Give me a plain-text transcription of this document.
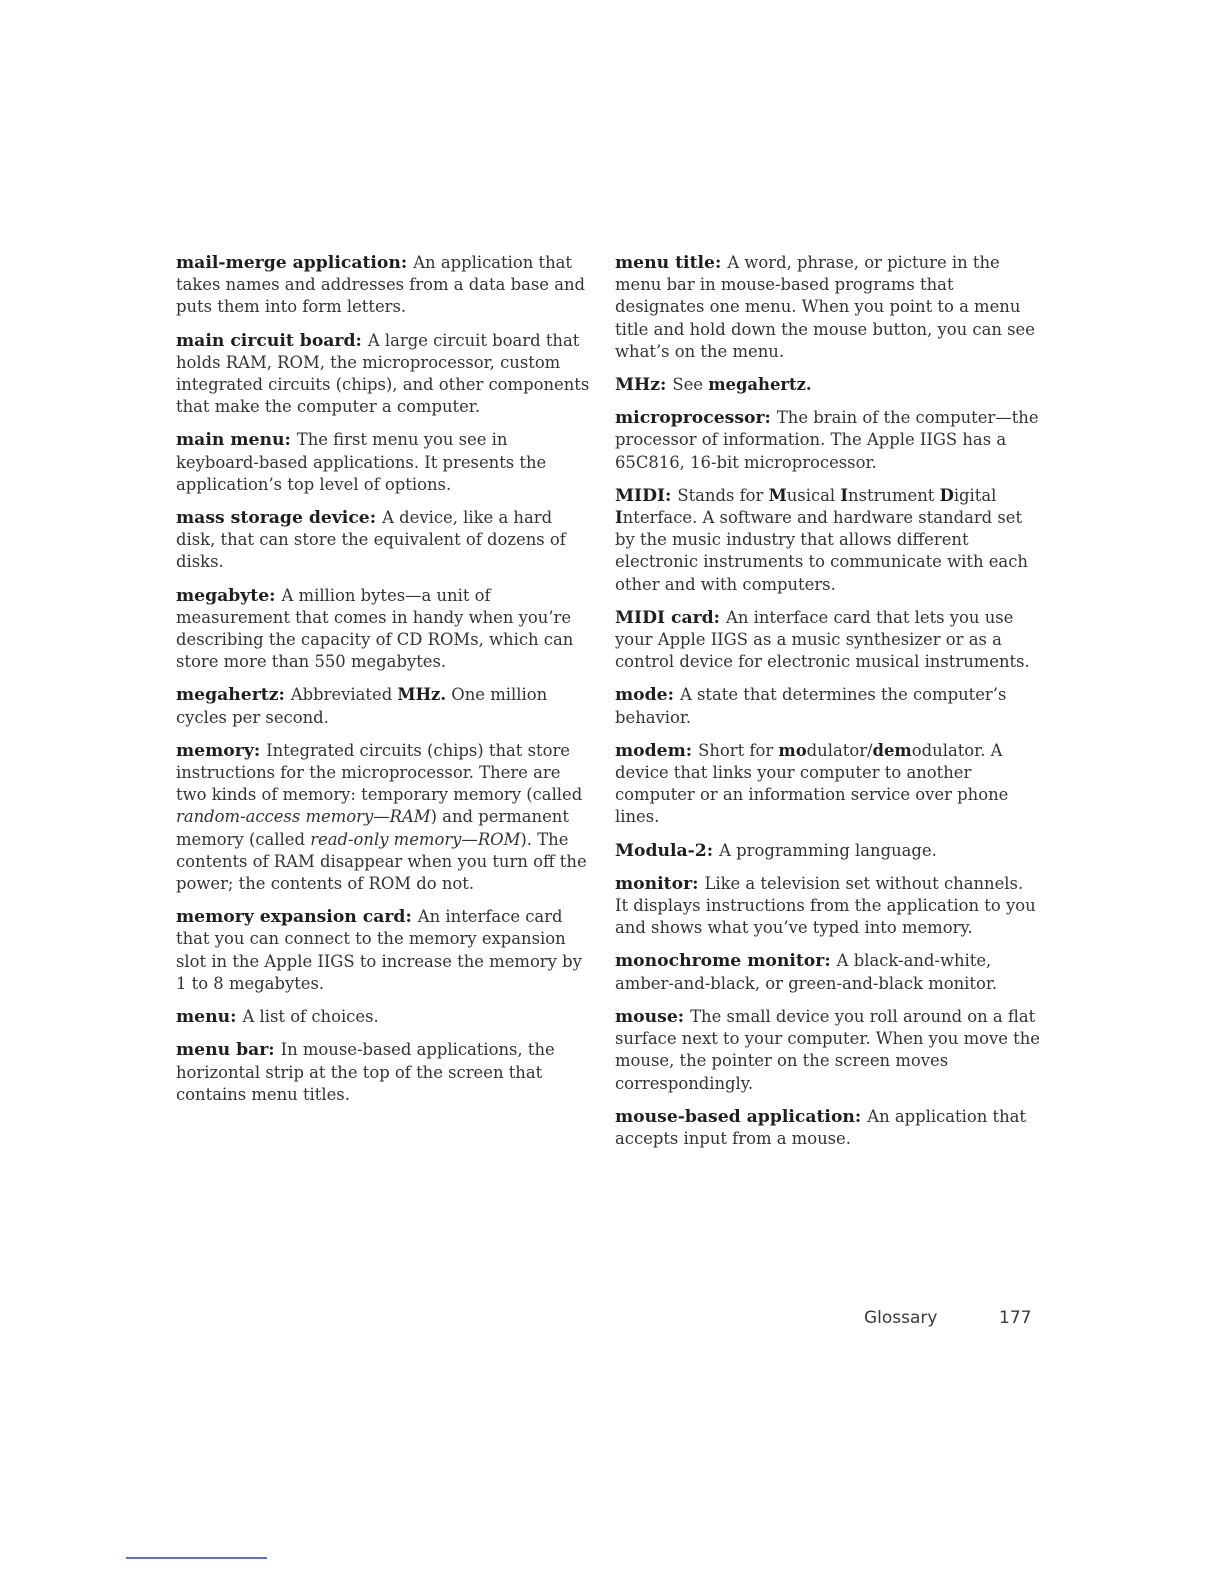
mail-merge application: An application that takes names and addresses from a data base and puts them into form letters.

main circuit board: A large circuit board that holds RAM, ROM, the microprocessor, custom integrated circuits (chips), and other components that make the computer a computer.

main menu: The first menu you see in keyboard-based applications. It presents the application’s top level of options.

mass storage device: A device, like a hard disk, that can store the equivalent of dozens of disks.

megabyte: A million bytes—a unit of measurement that comes in handy when you’re describing the capacity of CD ROMs, which can store more than 550 megabytes.

megahertz: Abbreviated MHz. One million cycles per second.

memory: Integrated circuits (chips) that store instructions for the microprocessor. There are two kinds of memory: temporary memory (called random-access memory—RAM) and permanent memory (called read-only memory—ROM). The contents of RAM disappear when you turn off the power; the contents of ROM do not.

memory expansion card: An interface card that you can connect to the memory expansion slot in the Apple IIGS to increase the memory by 1 to 8 megabytes.

menu: A list of choices.

menu bar: In mouse-based applications, the horizontal strip at the top of the screen that contains menu titles.

menu title: A word, phrase, or picture in the menu bar in mouse-based programs that designates one menu. When you point to a menu title and hold down the mouse button, you can see what’s on the menu.

MHz: See megahertz.

microprocessor: The brain of the computer—the processor of information. The Apple IIGS has a 65C816, 16-bit microprocessor.

MIDI: Stands for Musical Instrument Digital Interface. A software and hardware standard set by the music industry that allows different electronic instruments to communicate with each other and with computers.

MIDI card: An interface card that lets you use your Apple IIGS as a music synthesizer or as a control device for electronic musical instruments.

mode: A state that determines the computer’s behavior.

modem: Short for modulator/demodulator. A device that links your computer to another computer or an information service over phone lines.

Modula-2: A programming language.

monitor: Like a television set without channels. It displays instructions from the application to you and shows what you’ve typed into memory.

monochrome monitor: A black-and-white, amber-and-black, or green-and-black monitor.

mouse: The small device you roll around on a flat surface next to your computer. When you move the mouse, the pointer on the screen moves correspondingly.

mouse-based application: An application that accepts input from a mouse.

Glossary	177
